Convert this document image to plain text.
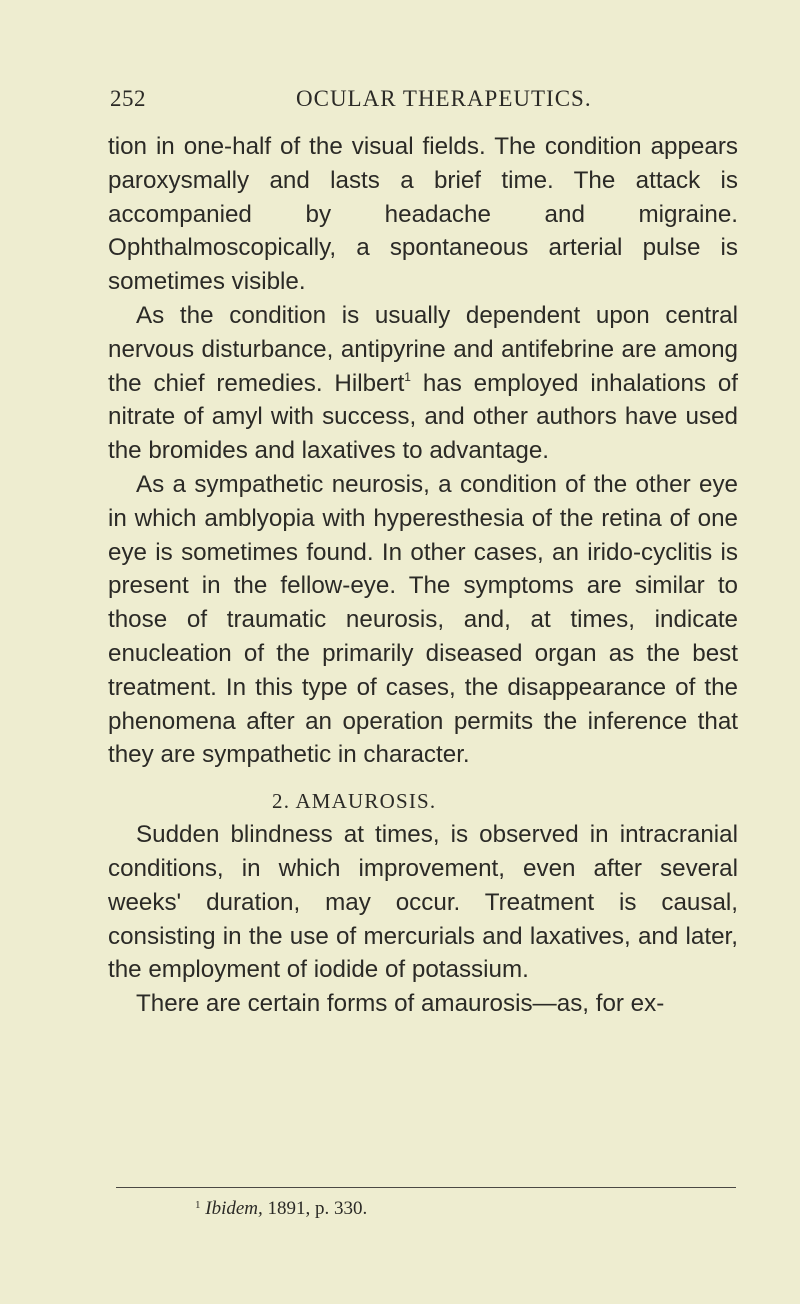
252	OCULAR THERAPEUTICS.

tion in one-half of the visual fields. The condition appears paroxysmally and lasts a brief time. The attack is accompanied by headache and migraine. Ophthalmoscopically, a spontaneous arterial pulse is sometimes visible.

As the condition is usually dependent upon central nervous disturbance, antipyrine and antifebrine are among the chief remedies. Hilbert$^1$ has employed inhalations of nitrate of amyl with success, and other authors have used the bromides and laxatives to advantage.

As a sympathetic neurosis, a condition of the other eye in which amblyopia with hyperesthesia of the retina of one eye is sometimes found. In other cases, an irido-cyclitis is present in the fellow-eye. The symptoms are similar to those of traumatic neurosis, and, at times, indicate enucleation of the primarily diseased organ as the best treatment. In this type of cases, the disappearance of the phenomena after an operation permits the inference that they are sympathetic in character.

2. AMAUROSIS.

Sudden blindness at times, is observed in intracranial conditions, in which improvement, even after several weeks' duration, may occur. Treatment is causal, consisting in the use of mercurials and laxatives, and later, the employment of iodide of potassium.

There are certain forms of amaurosis—as, for ex-

$^1$ Ibidem, 1891, p. 330.
